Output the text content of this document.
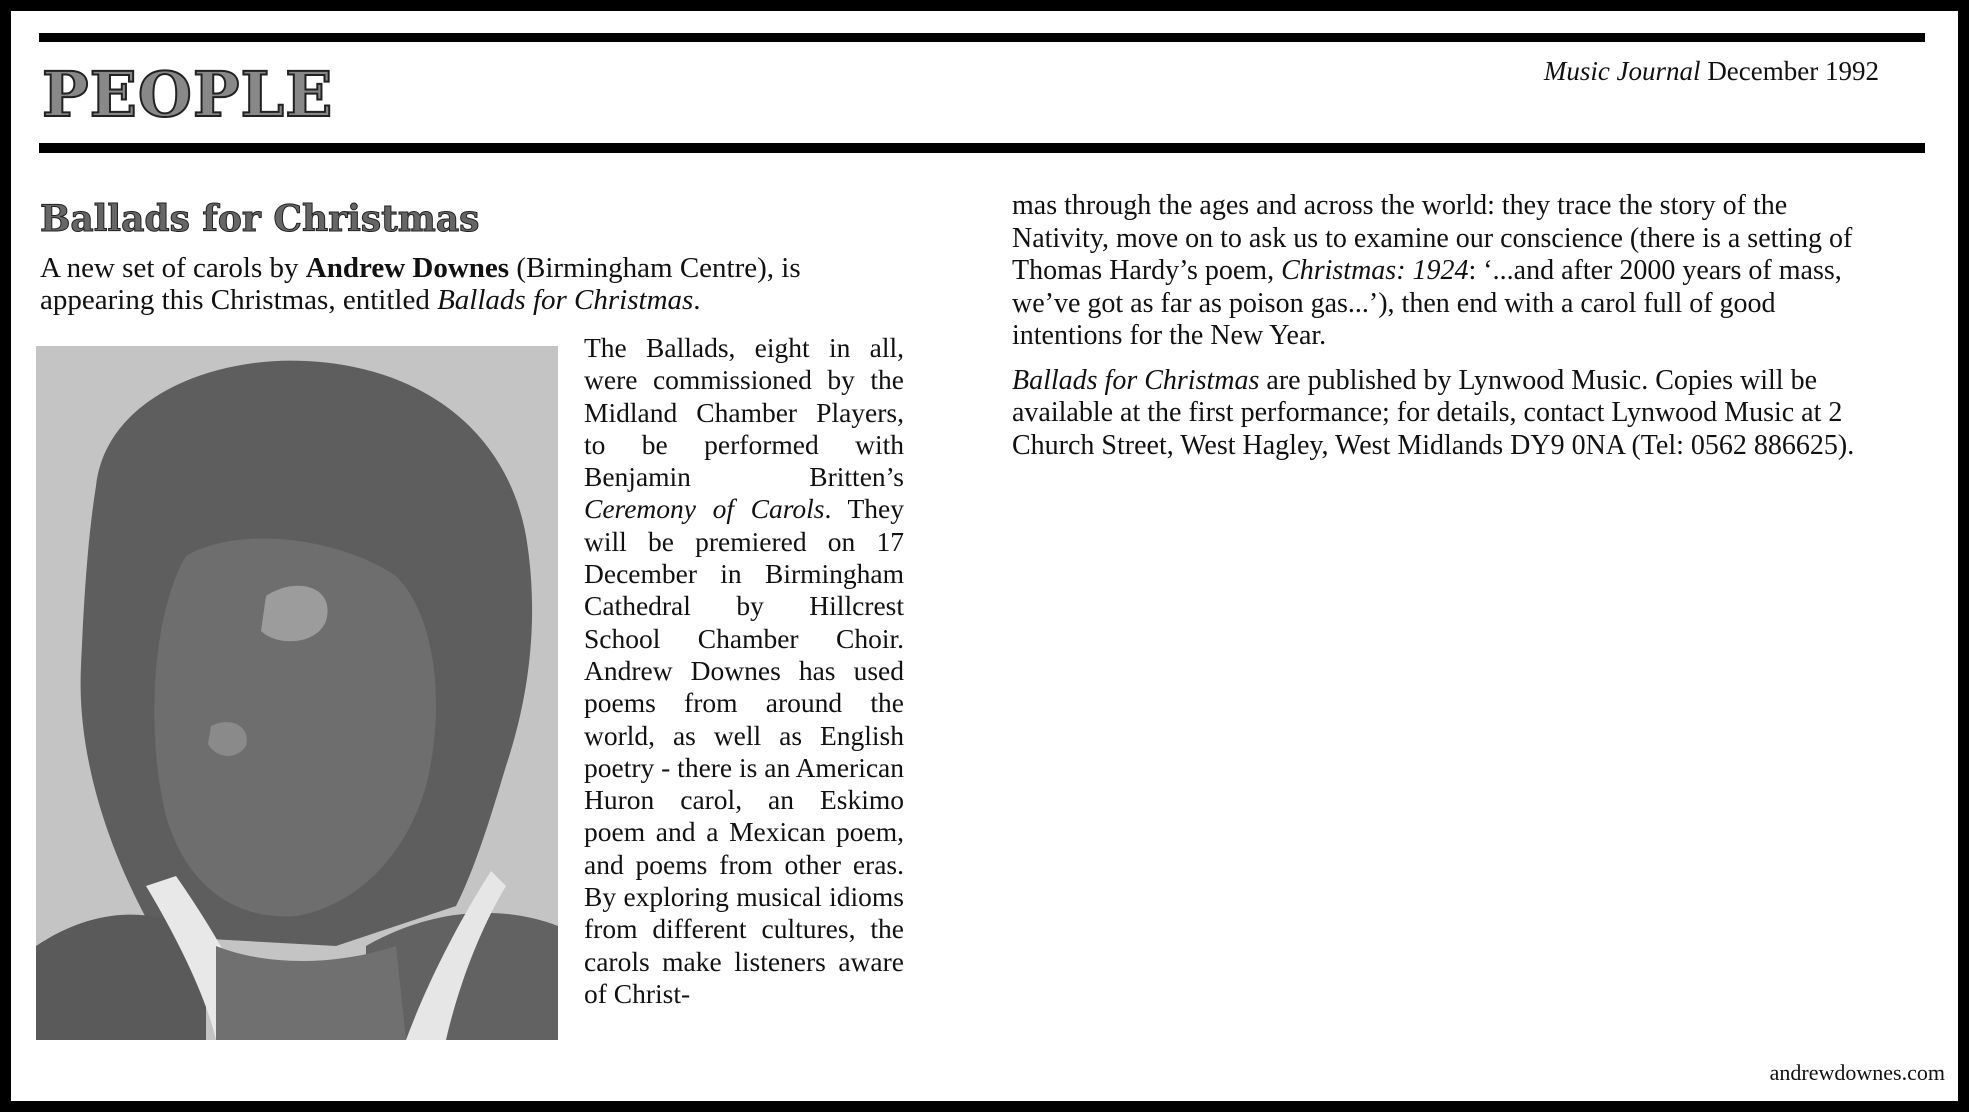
PEOPLE	Music Journal December 1992
Ballads for Christmas
A new set of carols by Andrew Downes (Birmingham Centre), is appearing this Christmas, entitled Ballads for Christmas.

The Ballads, eight in all, were commissioned by the Midland Chamber Players, to be performed with Benjamin Britten’s Ceremony of Carols. They will be premiered on 17 December in Birmingham Cathedral by Hillcrest School Chamber Choir. Andrew Downes has used poems from around the world, as well as English poetry - there is an American Huron carol, an Eskimo poem and a Mexican poem, and poems from other eras. By exploring musical idioms from different cultures, the carols make listeners aware of Christ-

mas through the ages and across the world: they trace the story of the Nativity, move on to ask us to examine our conscience (there is a setting of Thomas Hardy’s poem, Christmas: 1924: ‘...and after 2000 years of mass, we’ve got as far as poison gas...’), then end with a carol full of good intentions for the New Year.

Ballads for Christmas are published by Lynwood Music. Copies will be available at the first performance; for details, contact Lynwood Music at 2 Church Street, West Hagley, West Midlands DY9 0NA (Tel: 0562 886625).

andrewdownes.com
